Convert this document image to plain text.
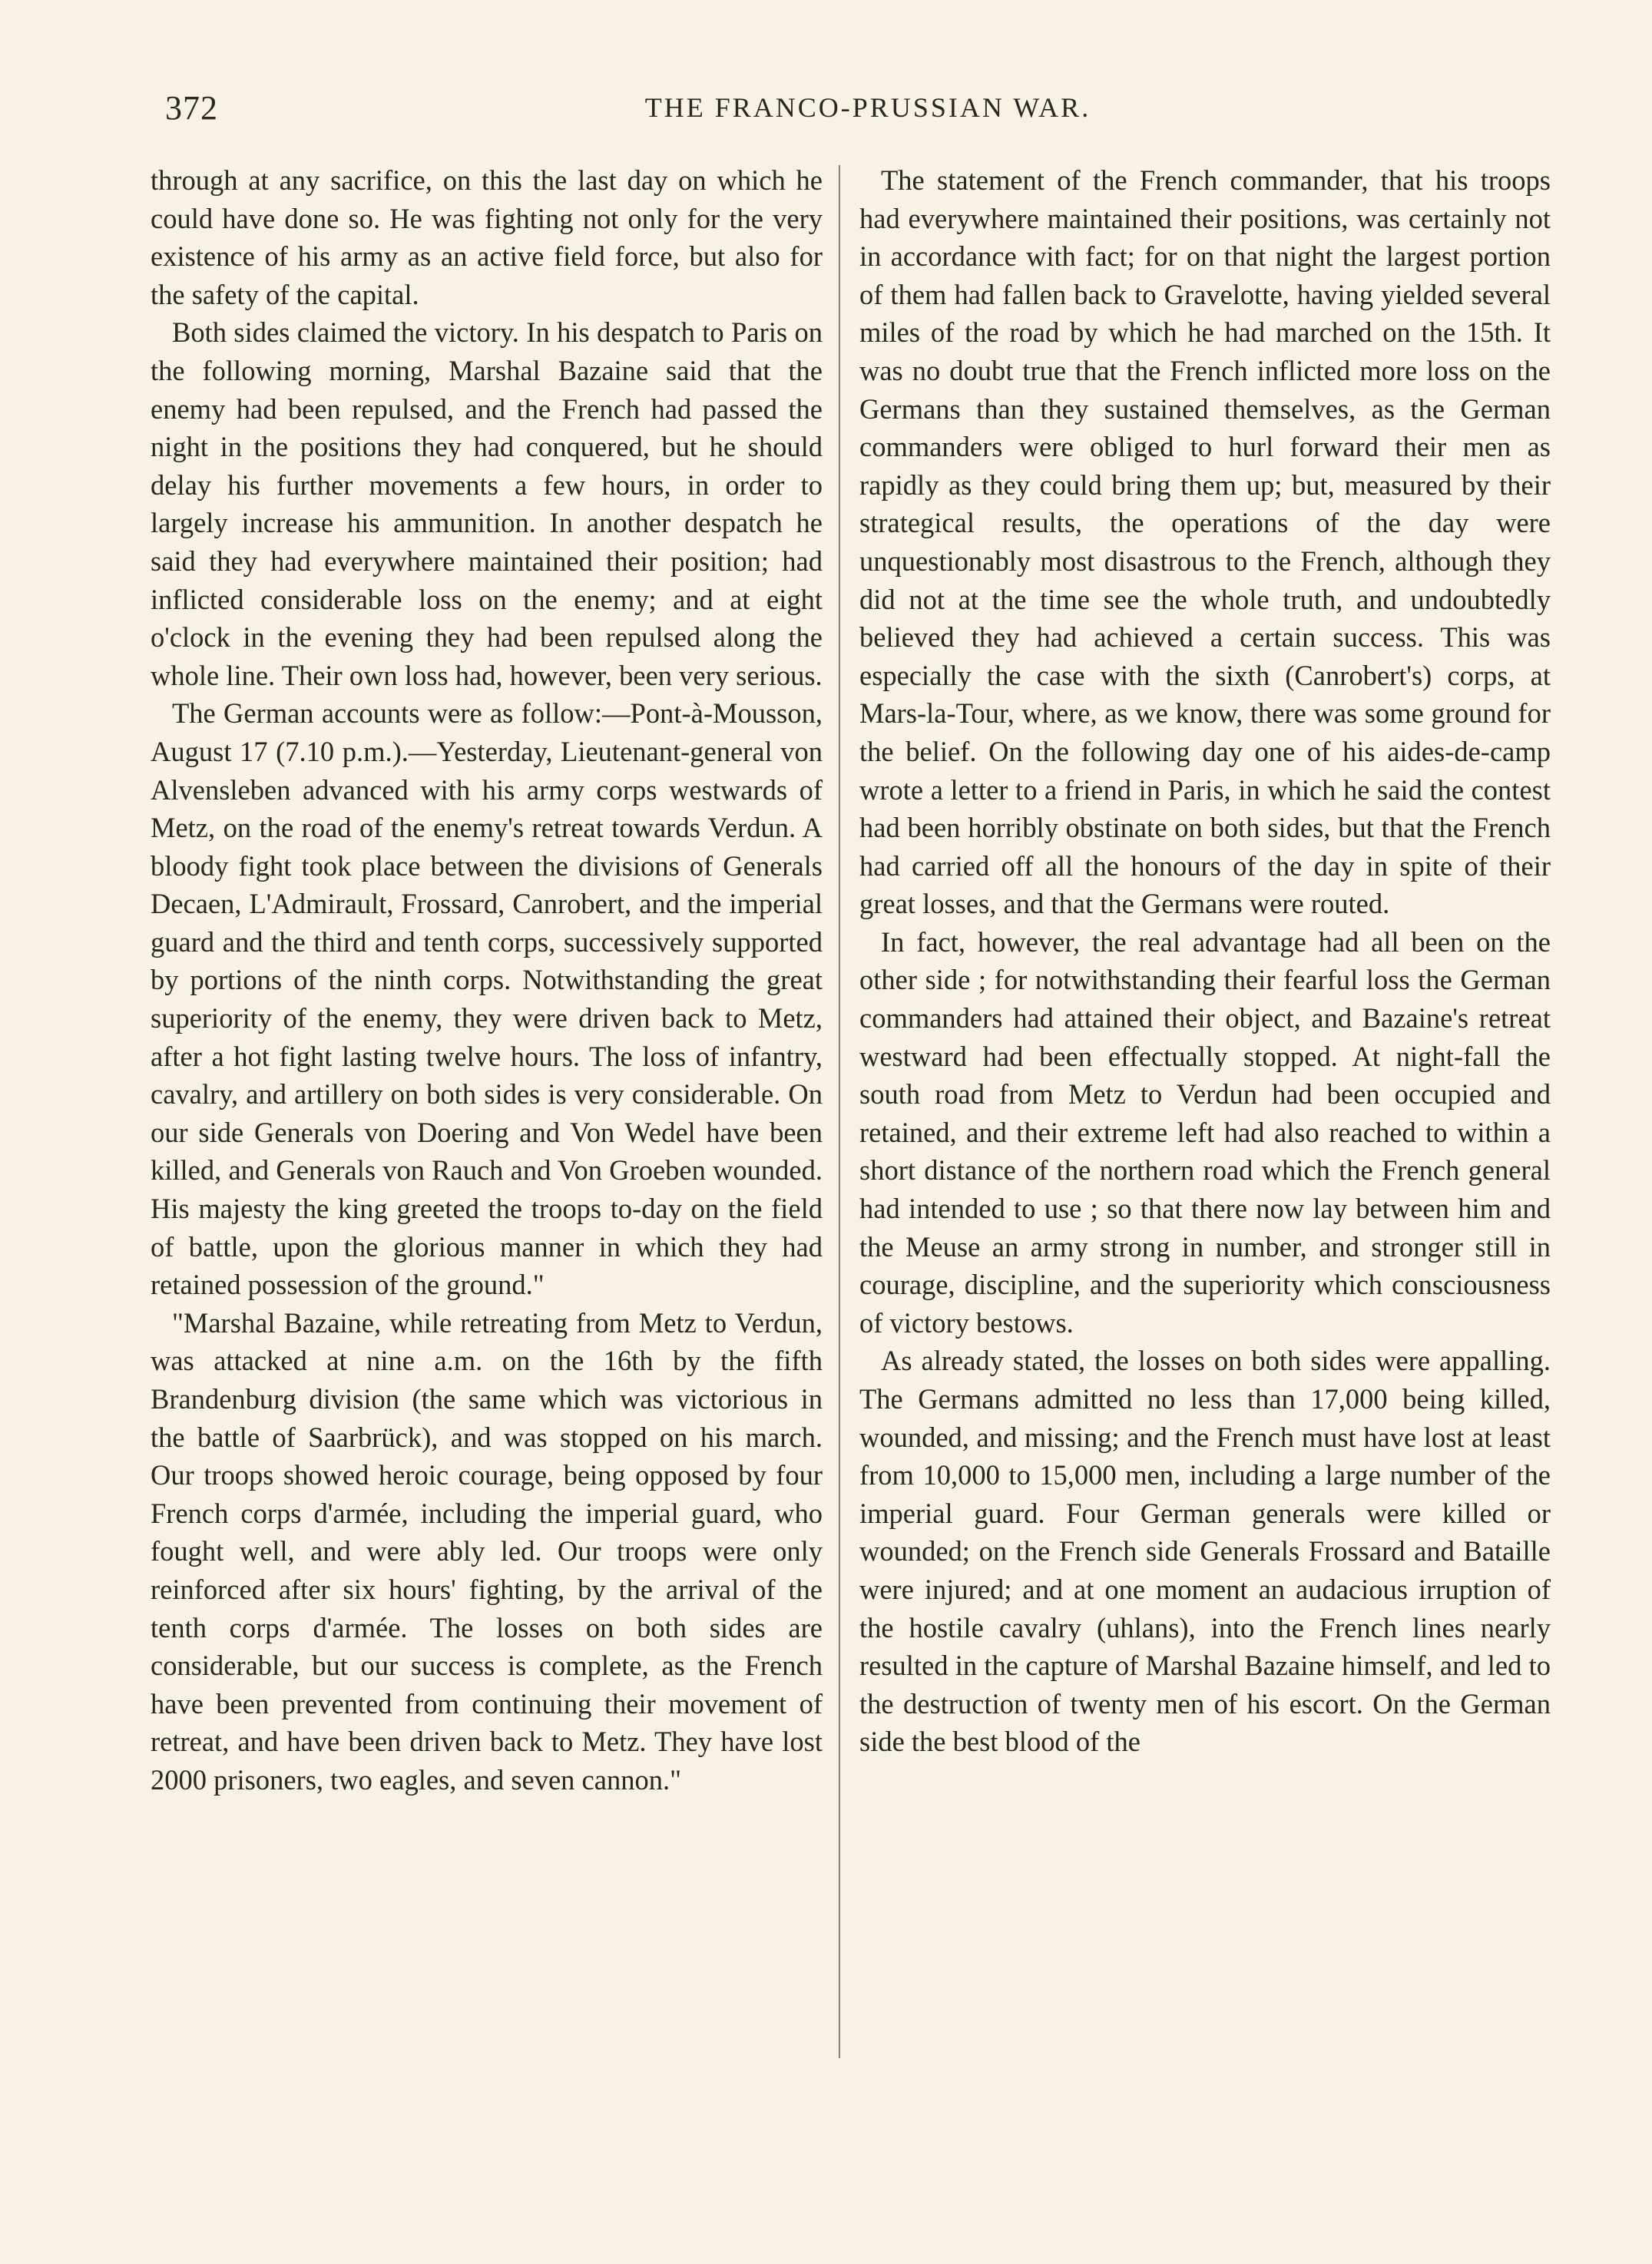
372	THE FRANCO-PRUSSIAN WAR.

through at any sacrifice, on this the last day on which he could have done so. He was fighting not only for the very existence of his army as an active field force, but also for the safety of the capital.

Both sides claimed the victory. In his despatch to Paris on the following morning, Marshal Bazaine said that the enemy had been repulsed, and the French had passed the night in the positions they had conquered, but he should delay his further movements a few hours, in order to largely increase his ammunition. In another despatch he said they had everywhere maintained their position; had inflicted considerable loss on the enemy; and at eight o'clock in the evening they had been repulsed along the whole line. Their own loss had, however, been very serious.

The German accounts were as follow:—Pont-à-Mousson, August 17 (7.10 p.m.).—Yesterday, Lieutenant-general von Alvensleben advanced with his army corps westwards of Metz, on the road of the enemy's retreat towards Verdun. A bloody fight took place between the divisions of Generals Decaen, L'Admirault, Frossard, Canrobert, and the imperial guard and the third and tenth corps, successively supported by portions of the ninth corps. Notwithstanding the great superiority of the enemy, they were driven back to Metz, after a hot fight lasting twelve hours. The loss of infantry, cavalry, and artillery on both sides is very considerable. On our side Generals von Doering and Von Wedel have been killed, and Generals von Rauch and Von Groeben wounded. His majesty the king greeted the troops to-day on the field of battle, upon the glorious manner in which they had retained possession of the ground."

"Marshal Bazaine, while retreating from Metz to Verdun, was attacked at nine a.m. on the 16th by the fifth Brandenburg division (the same which was victorious in the battle of Saarbrück), and was stopped on his march. Our troops showed heroic courage, being opposed by four French corps d'armée, including the imperial guard, who fought well, and were ably led. Our troops were only reinforced after six hours' fighting, by the arrival of the tenth corps d'armée. The losses on both sides are considerable, but our success is complete, as the French have been prevented from continuing their movement of retreat, and have been driven back to Metz. They have lost 2000 prisoners, two eagles, and seven cannon."

The statement of the French commander, that his troops had everywhere maintained their positions, was certainly not in accordance with fact; for on that night the largest portion of them had fallen back to Gravelotte, having yielded several miles of the road by which he had marched on the 15th. It was no doubt true that the French inflicted more loss on the Germans than they sustained themselves, as the German commanders were obliged to hurl forward their men as rapidly as they could bring them up; but, measured by their strategical results, the operations of the day were unquestionably most disastrous to the French, although they did not at the time see the whole truth, and undoubtedly believed they had achieved a certain success. This was especially the case with the sixth (Canrobert's) corps, at Mars-la-Tour, where, as we know, there was some ground for the belief. On the following day one of his aides-de-camp wrote a letter to a friend in Paris, in which he said the contest had been horribly obstinate on both sides, but that the French had carried off all the honours of the day in spite of their great losses, and that the Germans were routed.

In fact, however, the real advantage had all been on the other side ; for notwithstanding their fearful loss the German commanders had attained their object, and Bazaine's retreat westward had been effectually stopped. At night-fall the south road from Metz to Verdun had been occupied and retained, and their extreme left had also reached to within a short distance of the northern road which the French general had intended to use ; so that there now lay between him and the Meuse an army strong in number, and stronger still in courage, discipline, and the superiority which consciousness of victory bestows.

As already stated, the losses on both sides were appalling. The Germans admitted no less than 17,000 being killed, wounded, and missing; and the French must have lost at least from 10,000 to 15,000 men, including a large number of the imperial guard. Four German generals were killed or wounded; on the French side Generals Frossard and Bataille were injured; and at one moment an audacious irruption of the hostile cavalry (uhlans), into the French lines nearly resulted in the capture of Marshal Bazaine himself, and led to the destruction of twenty men of his escort. On the German side the best blood of the
